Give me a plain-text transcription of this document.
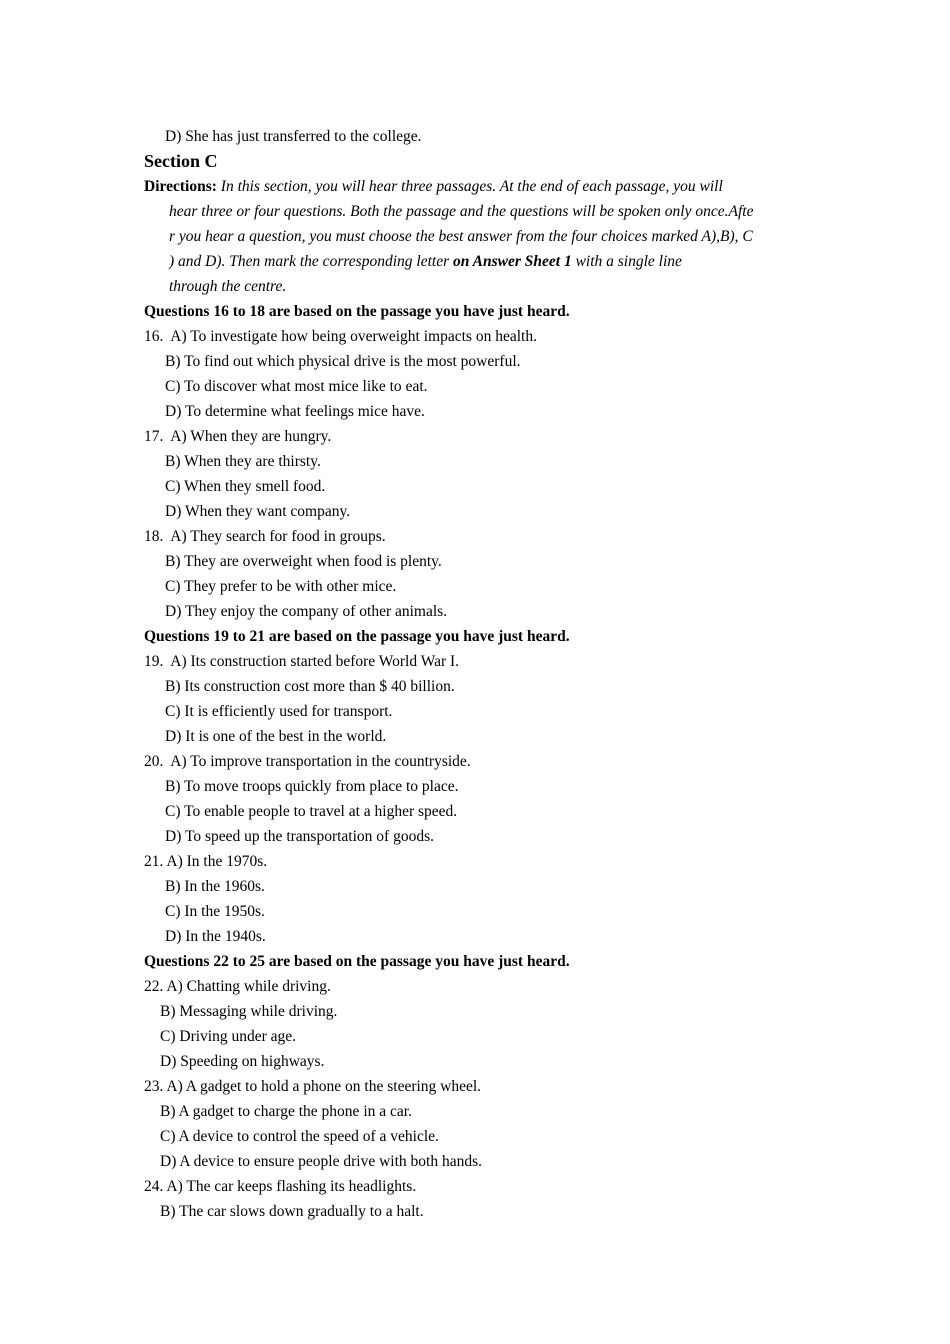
D) She has just transferred to the college.
Section C
Directions: In this section, you will hear three passages. At the end of each passage, you will
hear three or four questions. Both the passage and the questions will be spoken only once.Afte
r you hear a question, you must choose the best answer from the four choices marked A),B), C
) and D). Then mark the corresponding letter on Answer Sheet 1 with a single line
through the centre.
Questions 16 to 18 are based on the passage you have just heard.
16.  A) To investigate how being overweight impacts on health.
B) To find out which physical drive is the most powerful.
C) To discover what most mice like to eat.
D) To determine what feelings mice have.
17.  A) When they are hungry.
B) When they are thirsty.
C) When they smell food.
D) When they want company.
18.  A) They search for food in groups.
B) They are overweight when food is plenty.
C) They prefer to be with other mice.
D) They enjoy the company of other animals.
Questions 19 to 21 are based on the passage you have just heard.
19.  A) Its construction started before World War I.
B) Its construction cost more than $ 40 billion.
C) It is efficiently used for transport.
D) It is one of the best in the world.
20.  A) To improve transportation in the countryside.
B) To move troops quickly from place to place.
C) To enable people to travel at a higher speed.
D) To speed up the transportation of goods.
21. A) In the 1970s.
B) In the 1960s.
C) In the 1950s.
D) In the 1940s.
Questions 22 to 25 are based on the passage you have just heard.
22. A) Chatting while driving.
B) Messaging while driving.
C) Driving under age.
D) Speeding on highways.
23. A) A gadget to hold a phone on the steering wheel.
B) A gadget to charge the phone in a car.
C) A device to control the speed of a vehicle.
D) A device to ensure people drive with both hands.
24. A) The car keeps flashing its headlights.
B) The car slows down gradually to a halt.
